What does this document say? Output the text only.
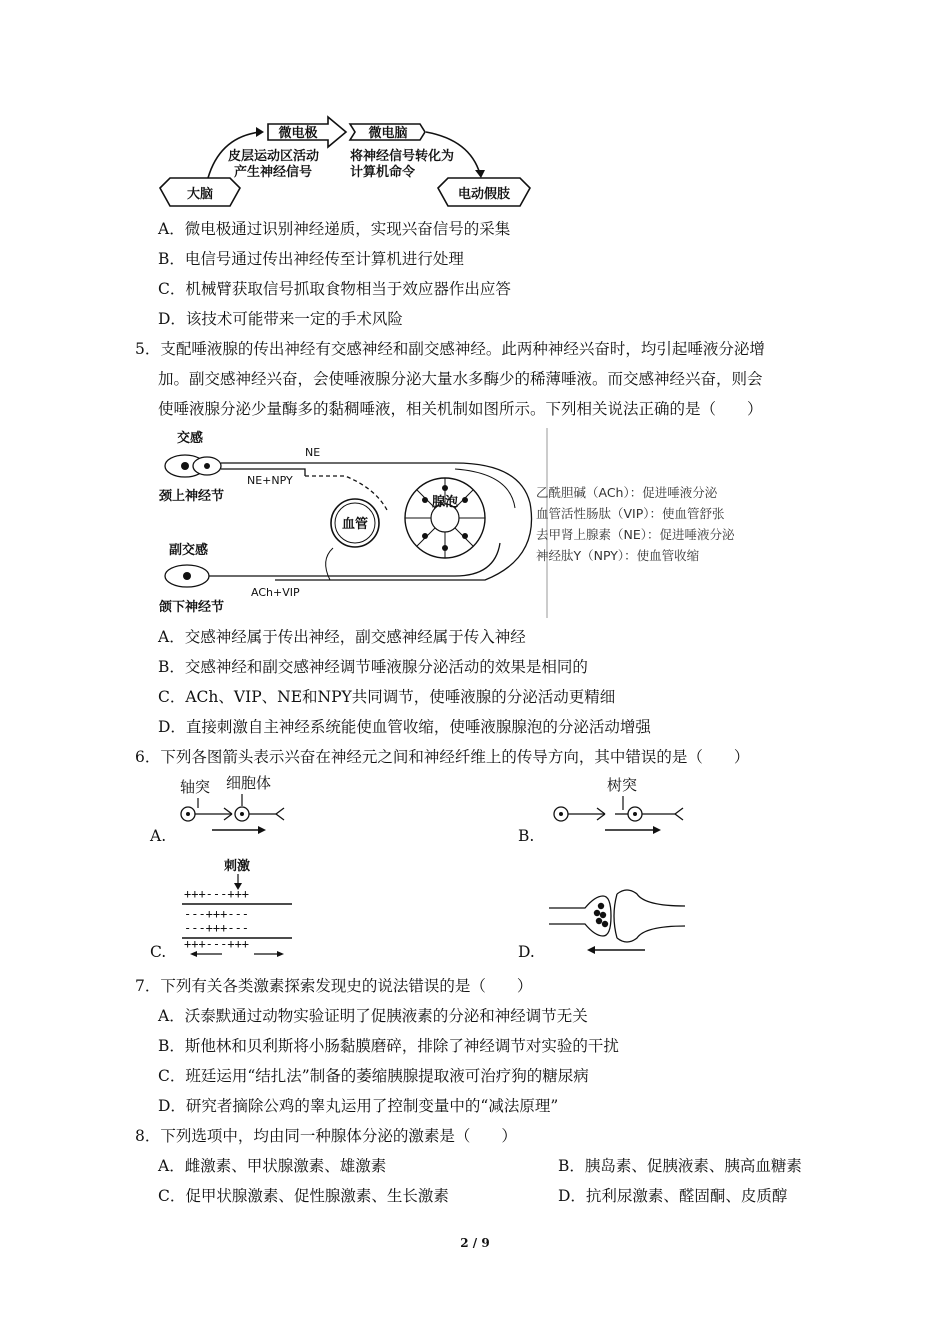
大脑
微电极	微电脑
电动假肢
皮层运动区活动
产生神经信号
将神经信号转化为
计算机命令
A．微电极通过识别神经递质，实现兴奋信号的采集
B．电信号通过传出神经传至计算机进行处理
C．机械臂获取信号抓取食物相当于效应器作出应答
D．该技术可能带来一定的手术风险
5．支配唾液腺的传出神经有交感神经和副交感神经。此两种神经兴奋时，均引起唾液分泌增
加。副交感神经兴奋，会使唾液腺分泌大量水多酶少的稀薄唾液。而交感神经兴奋，则会
使唾液腺分泌少量酶多的黏稠唾液，相关机制如图所示。下列相关说法正确的是（　　）
交感
颈上神经节
NE
NE+NPY
血管
腺泡
副交感
颌下神经节
ACh+VIP
乙酰胆碱（ACh）：促进唾液分泌
血管活性肠肽（VIP）：使血管舒张
去甲肾上腺素（NE）：促进唾液分泌
神经肽Y（NPY）：使血管收缩
A．交感神经属于传出神经，副交感神经属于传入神经
B．交感神经和副交感神经调节唾液腺分泌活动的效果是相同的
C．ACh、VIP、NE和NPY共同调节，使唾液腺的分泌活动更精细
D．直接刺激自主神经系统能使血管收缩，使唾液腺腺泡的分泌活动增强
6．下列各图箭头表示兴奋在神经元之间和神经纤维上的传导方向，其中错误的是（　　）
A.
轴突 细胞体
B.
树突
C.
刺激
+++---+++
---+++---
---+++---
+++---+++	D.
7．下列有关各类激素探索发现史的说法错误的是（　　）
A．沃泰默通过动物实验证明了促胰液素的分泌和神经调节无关
B．斯他林和贝利斯将小肠黏膜磨碎，排除了神经调节对实验的干扰
C．班廷运用“结扎法”制备的萎缩胰腺提取液可治疗狗的糖尿病
D．研究者摘除公鸡的睾丸运用了控制变量中的“减法原理”
8．下列选项中，均由同一种腺体分泌的激素是（　　）
A．雌激素、甲状腺激素、雄激素	B．胰岛素、促胰液素、胰高血糖素
C．促甲状腺激素、促性腺激素、生长激素	D．抗利尿激素、醛固酮、皮质醇
2 / 9
